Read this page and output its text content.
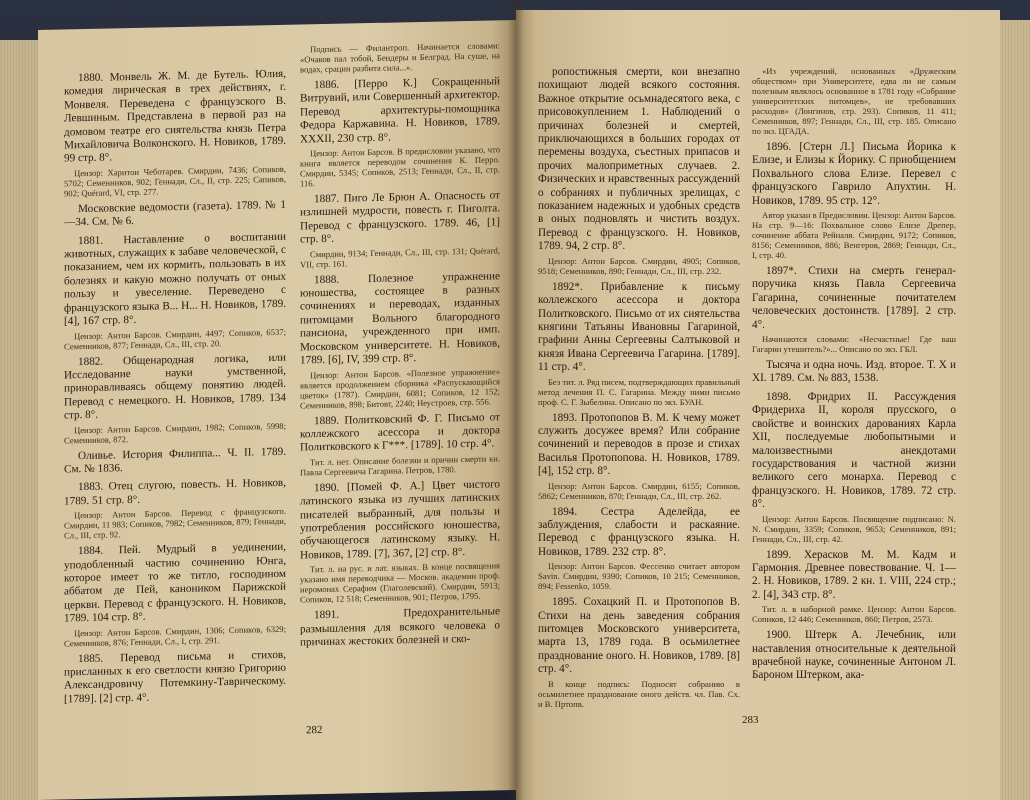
1880. Монвель Ж. М. де Бутель. Юлия, комедия лирическая в трех действиях, г. Монвеля. Переведена с французского В. Левшиным. Представлена в первой раз на домовом театре его сиятельства князь Петра Михайловича Волконского. Н. Новиков, 1789. 99 стр. 8°.

Цензор: Харитон Чеботарев. Смирдин, 7436; Сопиков, 5702; Семенников, 902; Геннади, Сл., II, стр. 225; Сапиков, 902; Quérard, VI, стр. 277.

Московские ведомости (газета). 1789. № 1—34. См. № 6.

1881. Наставление о воспитании животных, служащих к забаве человеческой, с показанием, чем их кормить, пользовать в их болезнях и какую можно получать от оных пользу и увеселение. Переведено с французского языка В... Н... Н. Новиков, 1789. [4], 167 стр. 8°.

Цензор: Антон Барсов. Смирдин, 4497; Сопиков, 6537; Семенников, 877; Геннади, Сл., III, стр. 20.

1882. Общенародная логика, или Исследование науки умственной, приноравливаясь общему понятию людей. Перевод с немецкого. Н. Новиков, 1789. 134 стр. 8°.

Цензор: Антон Барсов. Смирдин, 1982; Сопиков, 5998; Семенников, 872.

Оливье. История Филиппа... Ч. II. 1789. См. № 1836.

1883. Отец слугою, повесть. Н. Новиков, 1789. 51 стр. 8°.

Цензор: Антон Барсов. Перевод с французского. Смирдин, 11 983; Сопиков, 7982; Семенников, 879; Геннади, Сл., III, стр. 92.

1884. Пей. Мудрый в уединении, уподобленный частию сочинению Юнга, которое имеет то же титло, господином аббатом де Пей, каноником Парижской церкви. Перевод с французского. Н. Новиков, 1789. 104 стр. 8°.

Цензор: Антон Барсов. Смирдин, 1306; Сопиков, 6329; Семенников, 876; Геннади, Сл., I, стр. 291.

1885. Перевод письма и стихов, присланных к его светлости князю Григорию Александровичу Потемкину-Таврическому. [1789]. [2] стр. 4°.

Подпись — Филантроп. Начинается словами: «Очаков пал тобой, Бендеры и Белград. На суше, на водах, срацин разбита сила...».

1886. [Перро К.] Сокращенный Витрувий, или Совершенный архитектор. Перевод архитектуры-помощника Федора Каржавина. Н. Новиков, 1789. XXXII, 230 стр. 8°.

Цензор: Антон Барсов. В предисловии указано, что книга является переводом сочинения К. Перро. Смирдин, 5345; Сопиков, 2513; Геннади, Сл., II, стр. 116.

1887. Пиго Ле Брюн А. Опасность от излишней мудрости, повесть г. Пиголта. Перевод с французского. 1789. 46, [1] стр. 8°.

Смирдин, 9134; Геннади, Сл., III, стр. 131; Quérard, VII, стр. 161.

1888. Полезное упражнение юношества, состоящее в разных сочинениях и переводах, изданных питомцами Вольного благородного пансиона, учрежденного при имп. Московском университете. Н. Новиков, 1789. [6], IV, 399 стр. 8°.

Цензор: Антон Барсов. «Полезное упражнение» является продолжением сборника «Распускающийся цветок» (1787). Смирдин, 6081; Сопиков, 12 152; Семенников, 898; Битовт, 2240; Неустроев, стр. 556.

1889. Политковский Ф. Г. Письмо от коллежского асессора и доктора Политковского к Г***. [1789]. 10 стр. 4°.

Тит. л. нет. Описание болезни и причин смерти кн. Павла Сергеевича Гагарина. Петров, 1780.

1890. [Помей Ф. А.] Цвет чистого латинского языка из лучших латинских писателей выбранный, для пользы и употребления российского юношества, обучающегося латинскому языку. Н. Новиков, 1789. [7], 367, [2] стр. 8°.

Тит. л. на рус. и лат. языках. В конце посвящения указано имя переводчика — Москов. академии проф. иеромонах Серафим (Глаголевский). Смирдин, 5913; Сопиков, 12 518; Семенников, 901; Петров, 1795.

1891. Предохранительные размышления для всякого человека о причинах жестоких болезней и ско-

282

ропостижныя смерти, кои внезапно похищают людей всякого состояния. Важное открытие осьмнадесятого века, с присовокуплением 1. Наблюдений о причинах болезней и смертей, приключающихся в больших городах от перемены воздуха, съестных припасов и прочих малоприметных случаев. 2. Физических и нравственных рассуждений о собраниях и публичных зрелищах, с показанием надежных и удобных средств в оных подновлять и чистить воздух. Перевод с французского. Н. Новиков, 1789. 94, 2 стр. 8°.

Цензор: Антон Барсов. Смирдин, 4905; Сопиков, 9518; Семенников, 890; Геннади, Сл., III, стр. 232.

1892*. Прибавление к письму коллежского асессора и доктора Политковского. Письмо от их сиятельства княгини Татьяны Ивановны Гагариной, графини Анны Сергеевны Салтыковой и князя Ивана Сергеевича Гагарина. [1789]. 11 стр. 4°.

Без тит. л. Ряд писем, подтверждающих правильный метод лечения П. С. Гагарина. Между ними письмо проф. С. Г. Зыбелина. Описано по экз. БУАН.

1893. Протопопов В. М. К чему может служить досужее время? Или собрание сочинений и переводов в прозе и стихах Василья Протопопова. Н. Новиков, 1789. [4], 152 стр. 8°.

Цензор: Антон Барсов. Смирдин, 6155; Сопиков, 5862; Семенников, 870; Геннади, Сл., III, стр. 262.

1894. Сестра Аделейда, ее заблуждения, слабости и раскаяние. Перевод с французского языка. Н. Новиков, 1789. 232 стр. 8°.

Цензор: Антон Барсов. Фессенко считает автором Savin. Смирдин, 9390; Сопиков, 10 215; Семенников, 894; Fessenko, 1059.

1895. Сохацкий П. и Протопопов В. Стихи на день заведения собрания питомцев Московского университета, марта 13, 1789 года. В осьмилетнее празднование оного. Н. Новиков, 1789. [8] стр. 4°.

В конце подпись: Подносят собранию в осьмилетнее празднование оного действ. чл. Пав. Сх. и В. Пртопв.

«Из учреждений, основанных «Дружеским обществом» при Университете, едва ли не самым полезным являлось основанное в 1781 году «Собрание университетских питомцев», не требовавших расходов» (Лонгинов, стр. 293). Сопиков, 11 411; Семенников, 897; Геннади, Сл., III, стр. 185. Описано по экз. ЦГАДА.

1896. [Стерн Л.] Письма Йорика к Елизе, и Елизы к Йорику. С приобщением Похвального слова Елизе. Перевел с французского Гаврило Апухтин. Н. Новиков, 1789. 95 стр. 12°.

Автор указан в Предисловии. Цензор: Антон Барсов. На стр. 9—16: Похвальное слово Елизе Дрепер, сочинение аббата Рейналя. Смирдин, 9172; Сопиков, 8156; Семенников, 886; Венгеров, 2869; Геннади, Сл., I, стр. 40.

1897*. Стихи на смерть генерал-поручика князь Павла Сергеевича Гагарина, сочиненные почитателем человеческих достоинств. [1789]. 2 стр. 4°.

Начинаются словами: «Несчастные! Где ваш Гагарин утешитель?»... Описано по экз. ГБЛ.

Тысяча и одна ночь. Изд. второе. Т. X и XI. 1789. См. № 883, 1538.

1898. Фридрих II. Рассуждения Фридериха II, короля прусского, о свойстве и воинских дарованиях Карла XII, последуемые любопытными и малоизвестными анекдотами государствования и частной жизни великого сего монарха. Перевод с французского. Н. Новиков, 1789. 72 стр. 8°.

Цензор: Антон Барсов. Посвящение подписано: N. N. Смирдин, 3359; Сопиков, 9653; Семенников, 891; Геннади, Сл., III, стр. 42.

1899. Херасков М. М. Кадм и Гармония. Древнее повествование. Ч. 1—2. Н. Новиков, 1789. 2 кн. 1. VIII, 224 стр.; 2. [4], 343 стр. 8°.

Тит. л. в наборной рамке. Цензор: Антон Барсов. Сопиков, 12 446; Семенников, 860; Петров, 2573.

1900. Штерк А. Лечебник, или наставления относительные к деятельной врачебной науке, сочиненные Антоном Л. Бароном Штерком, ака-

283
